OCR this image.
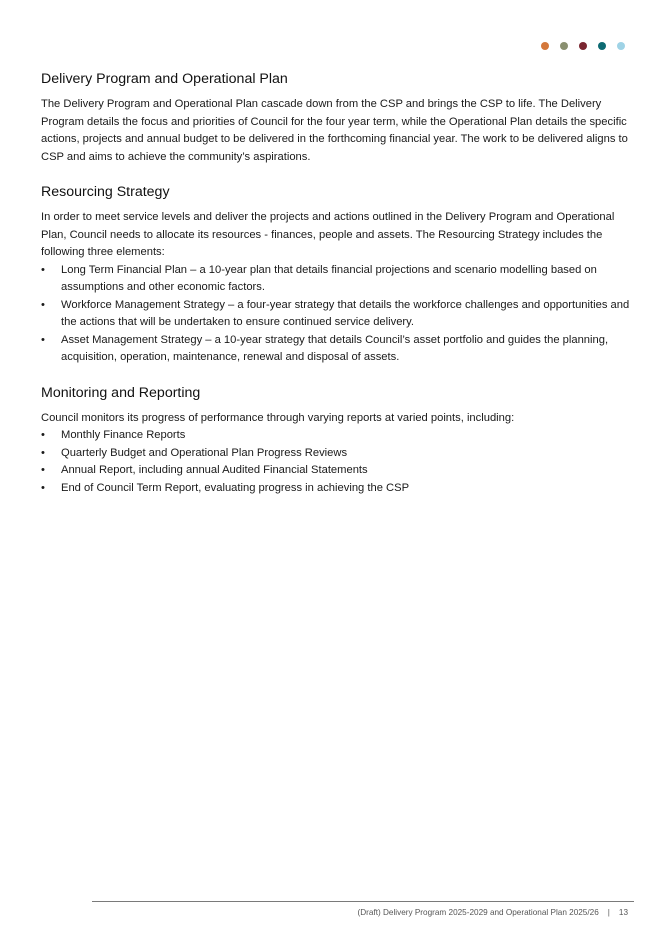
Delivery Program and Operational Plan

The Delivery Program and Operational Plan cascade down from the CSP and brings the CSP to life. The Delivery Program details the focus and priorities of Council for the four year term, while the Operational Plan details the specific actions, projects and annual budget to be delivered in the forthcoming financial year. The work to be delivered aligns to CSP and aims to achieve the community’s aspirations.

Resourcing Strategy

In order to meet service levels and deliver the projects and actions outlined in the Delivery Program and Operational Plan, Council needs to allocate its resources - finances, people and assets. The Resourcing Strategy includes the following three elements:

• Long Term Financial Plan – a 10-year plan that details financial projections and scenario modelling based on assumptions and other economic factors.
• Workforce Management Strategy – a four-year strategy that details the workforce challenges and opportunities and the actions that will be undertaken to ensure continued service delivery.
• Asset Management Strategy – a 10-year strategy that details Council’s asset portfolio and guides the planning, acquisition, operation, maintenance, renewal and disposal of assets.
Monitoring and Reporting

Council monitors its progress of performance through varying reports at varied points, including:

• Monthly Finance Reports
• Quarterly Budget and Operational Plan Progress Reviews
• Annual Report, including annual Audited Financial Statements
• End of Council Term Report, evaluating progress in achieving the CSP
(Draft) Delivery Program 2025-2029 and Operational Plan 2025/26 | 13
